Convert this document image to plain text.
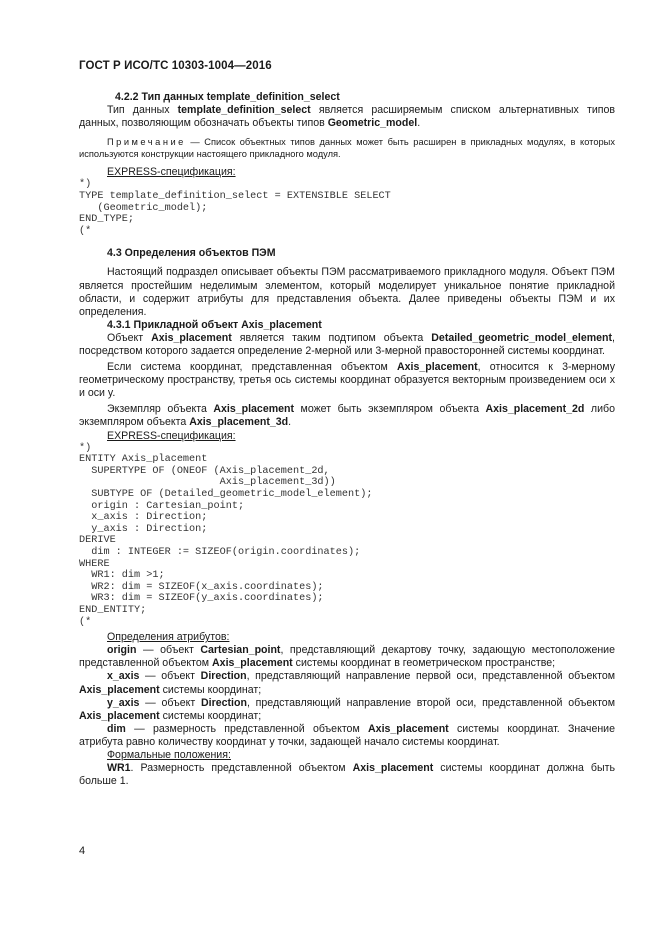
ГОСТ Р ИСО/ТС 10303-1004—2016

4.2.2 Тип данных template_definition_select

Тип данных template_definition_select является расширяемым списком альтернативных типов данных, позволяющим обозначать объекты типов Geometric_model.

Примечание — Список объектных типов данных может быть расширен в прикладных модулях, в которых используются конструкции настоящего прикладного модуля.

EXPRESS-спецификация:

*)
TYPE template_definition_select = EXTENSIBLE SELECT
(Geometric_model);
END_TYPE;
(*

4.3 Определения объектов ПЭМ

Настоящий подраздел описывает объекты ПЭМ рассматриваемого прикладного модуля. Объект ПЭМ является простейшим неделимым элементом, который моделирует уникальное понятие прикладной области, и содержит атрибуты для представления объекта. Далее приведены объекты ПЭМ и их определения.

4.3.1 Прикладной объект Axis_placement

Объект Axis_placement является таким подтипом объекта Detailed_geometric_model_element, посредством которого задается определение 2-мерной или 3-мерной правосторонней системы координат.

Если система координат, представленная объектом Axis_placement, относится к 3-мерному геометрическому пространству, третья ось системы координат образуется векторным произведением оси x и оси y.

Экземпляр объекта Axis_placement может быть экземпляром объекта Axis_placement_2d либо экземпляром объекта Axis_placement_3d.

EXPRESS-спецификация:

*)
ENTITY Axis_placement
SUPERTYPE OF (ONEOF (Axis_placement_2d,
Axis_placement_3d))
SUBTYPE OF (Detailed_geometric_model_element);
origin : Cartesian_point;
x_axis : Direction;
y_axis : Direction;
DERIVE
dim : INTEGER := SIZEOF(origin.coordinates);
WHERE
WR1: dim >1;
WR2: dim = SIZEOF(x_axis.coordinates);
WR3: dim = SIZEOF(y_axis.coordinates);
END_ENTITY;
(*

Определения атрибутов:

origin — объект Cartesian_point, представляющий декартову точку, задающую местоположение представленной объектом Axis_placement системы координат в геометрическом пространстве;

x_axis — объект Direction, представляющий направление первой оси, представленной объектом Axis_placement системы координат;

y_axis — объект Direction, представляющий направление второй оси, представленной объектом Axis_placement системы координат;

dim — размерность представленной объектом Axis_placement системы координат. Значение атрибута равно количеству координат у точки, задающей начало системы координат.

Формальные положения:

WR1. Размерность представленной объектом Axis_placement системы координат должна быть больше 1.

4
